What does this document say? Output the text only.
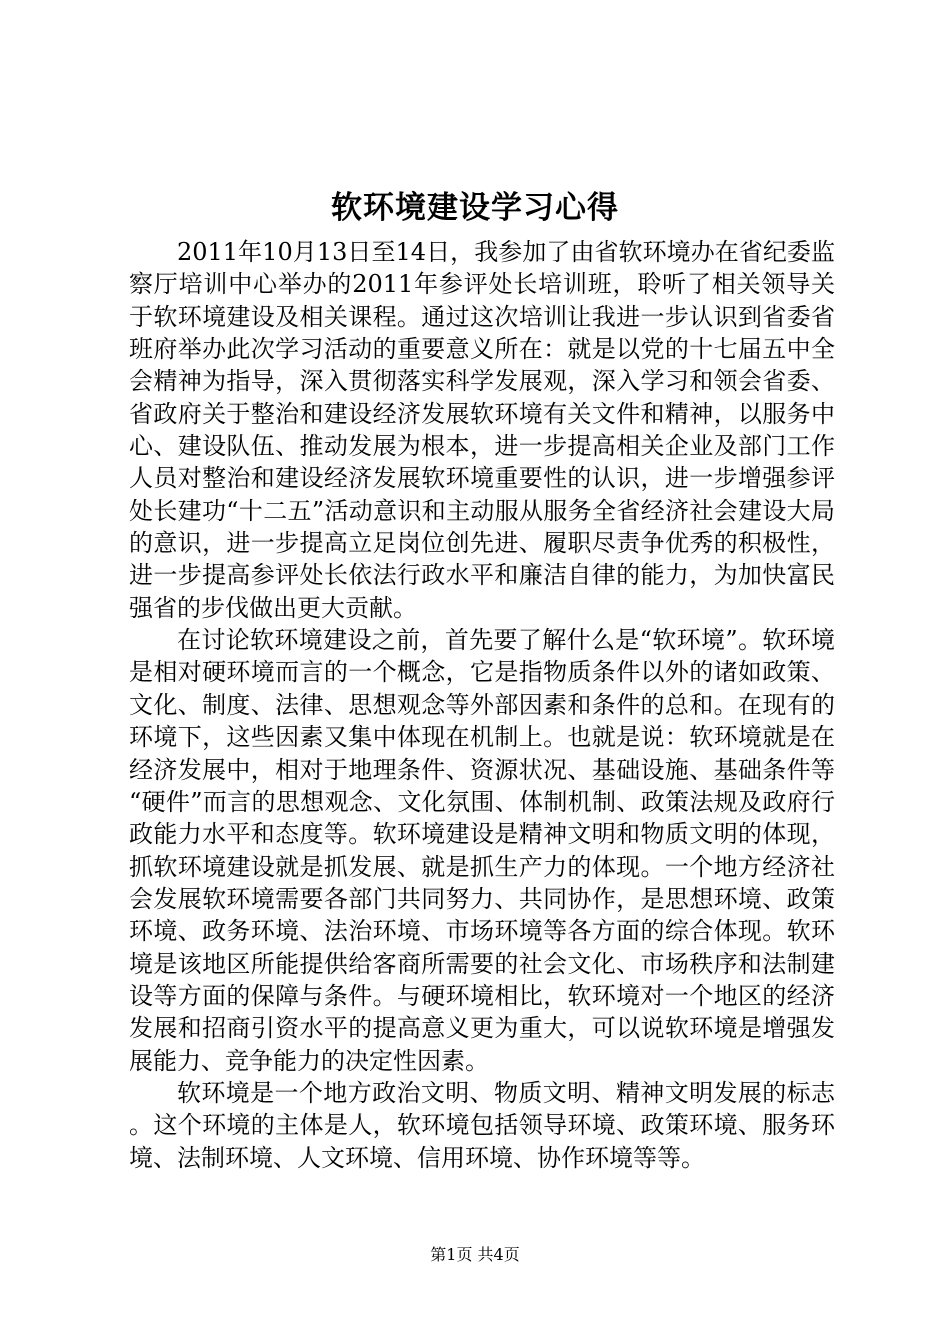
软环境建设学习心得

2011年10月13日至14日，我参加了由省软环境办在省纪委监察厅培训中心举办的2011年参评处长培训班，聆听了相关领导关于软环境建设及相关课程。通过这次培训让我进一步认识到省委省班府举办此次学习活动的重要意义所在：就是以党的十七届五中全会精神为指导，深入贯彻落实科学发展观，深入学习和领会省委、省政府关于整治和建设经济发展软环境有关文件和精神，以服务中心、建设队伍、推动发展为根本，进一步提高相关企业及部门工作人员对整治和建设经济发展软环境重要性的认识，进一步增强参评处长建功“十二五”活动意识和主动服从服务全省经济社会建设大局的意识，进一步提高立足岗位创先进、履职尽责争优秀的积极性，进一步提高参评处长依法行政水平和廉洁自律的能力，为加快富民强省的步伐做出更大贡献。

在讨论软环境建设之前，首先要了解什么是“软环境”。软环境是相对硬环境而言的一个概念，它是指物质条件以外的诸如政策、文化、制度、法律、思想观念等外部因素和条件的总和。在现有的环境下，这些因素又集中体现在机制上。也就是说：软环境就是在经济发展中，相对于地理条件、资源状况、基础设施、基础条件等“硬件”而言的思想观念、文化氛围、体制机制、政策法规及政府行政能力水平和态度等。软环境建设是精神文明和物质文明的体现，抓软环境建设就是抓发展、就是抓生产力的体现。一个地方经济社会发展软环境需要各部门共同努力、共同协作，是思想环境、政策环境、政务环境、法治环境、市场环境等各方面的综合体现。软环境是该地区所能提供给客商所需要的社会文化、市场秩序和法制建设等方面的保障与条件。与硬环境相比，软环境对一个地区的经济发展和招商引资水平的提高意义更为重大，可以说软环境是增强发展能力、竞争能力的决定性因素。

软环境是一个地方政治文明、物质文明、精神文明发展的标志。这个环境的主体是人，软环境包括领导环境、政策环境、服务环境、法制环境、人文环境、信用环境、协作环境等等。

第1页 共4页
